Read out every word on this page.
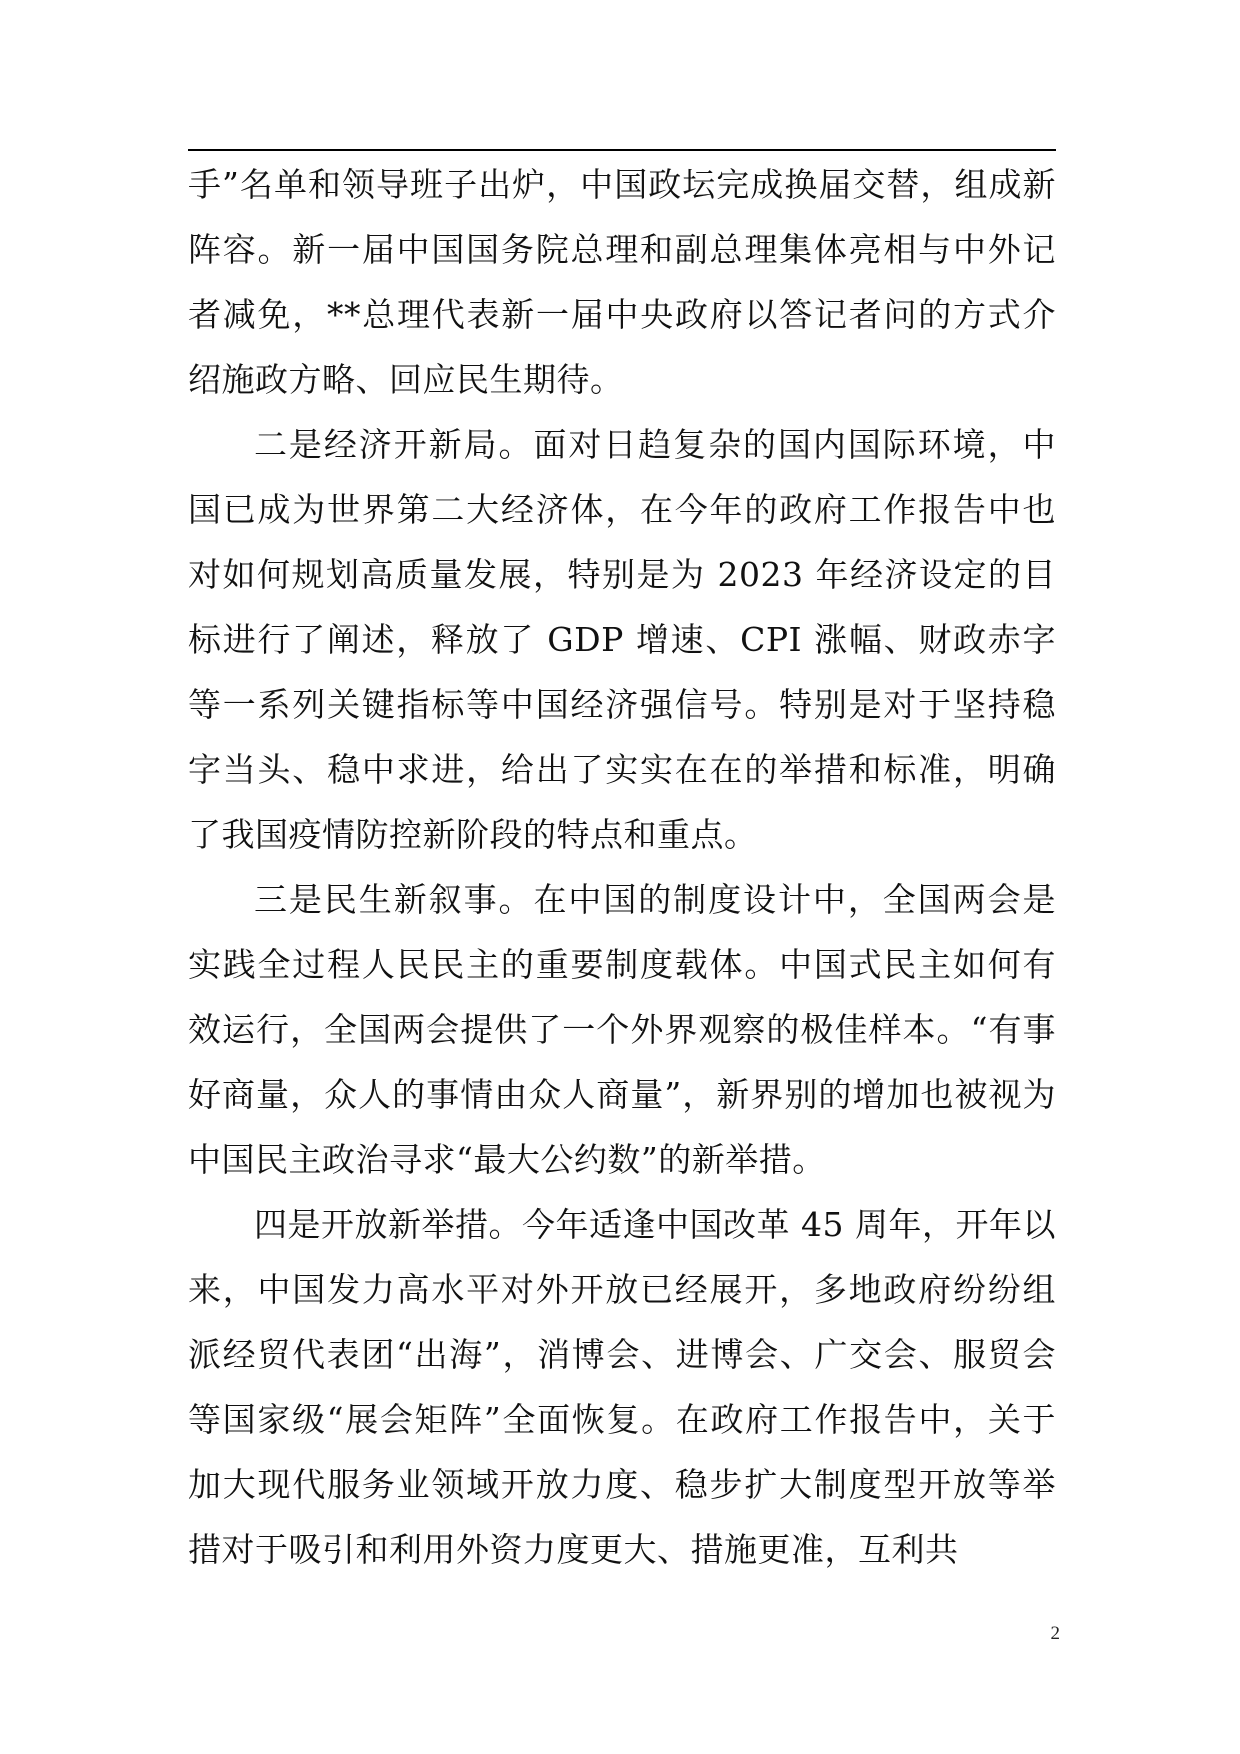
手”名单和领导班子出炉，中国政坛完成换届交替，组成新阵容。新一届中国国务院总理和副总理集体亮相与中外记者减免，**总理代表新一届中央政府以答记者问的方式介绍施政方略、回应民生期待。

二是经济开新局。面对日趋复杂的国内国际环境，中国已成为世界第二大经济体，在今年的政府工作报告中也对如何规划高质量发展，特别是为 2023 年经济设定的目标进行了阐述，释放了 GDP 增速、CPI 涨幅、财政赤字等一系列关键指标等中国经济强信号。特别是对于坚持稳字当头、稳中求进，给出了实实在在的举措和标准，明确了我国疫情防控新阶段的特点和重点。

三是民生新叙事。在中国的制度设计中，全国两会是实践全过程人民民主的重要制度载体。中国式民主如何有效运行，全国两会提供了一个外界观察的极佳样本。“有事好商量，众人的事情由众人商量”，新界别的增加也被视为中国民主政治寻求“最大公约数”的新举措。

四是开放新举措。今年适逢中国改革 45 周年，开年以来，中国发力高水平对外开放已经展开，多地政府纷纷组派经贸代表团“出海”，消博会、进博会、广交会、服贸会等国家级“展会矩阵”全面恢复。在政府工作报告中，关于加大现代服务业领域开放力度、稳步扩大制度型开放等举措对于吸引和利用外资力度更大、措施更准，互利共

2
